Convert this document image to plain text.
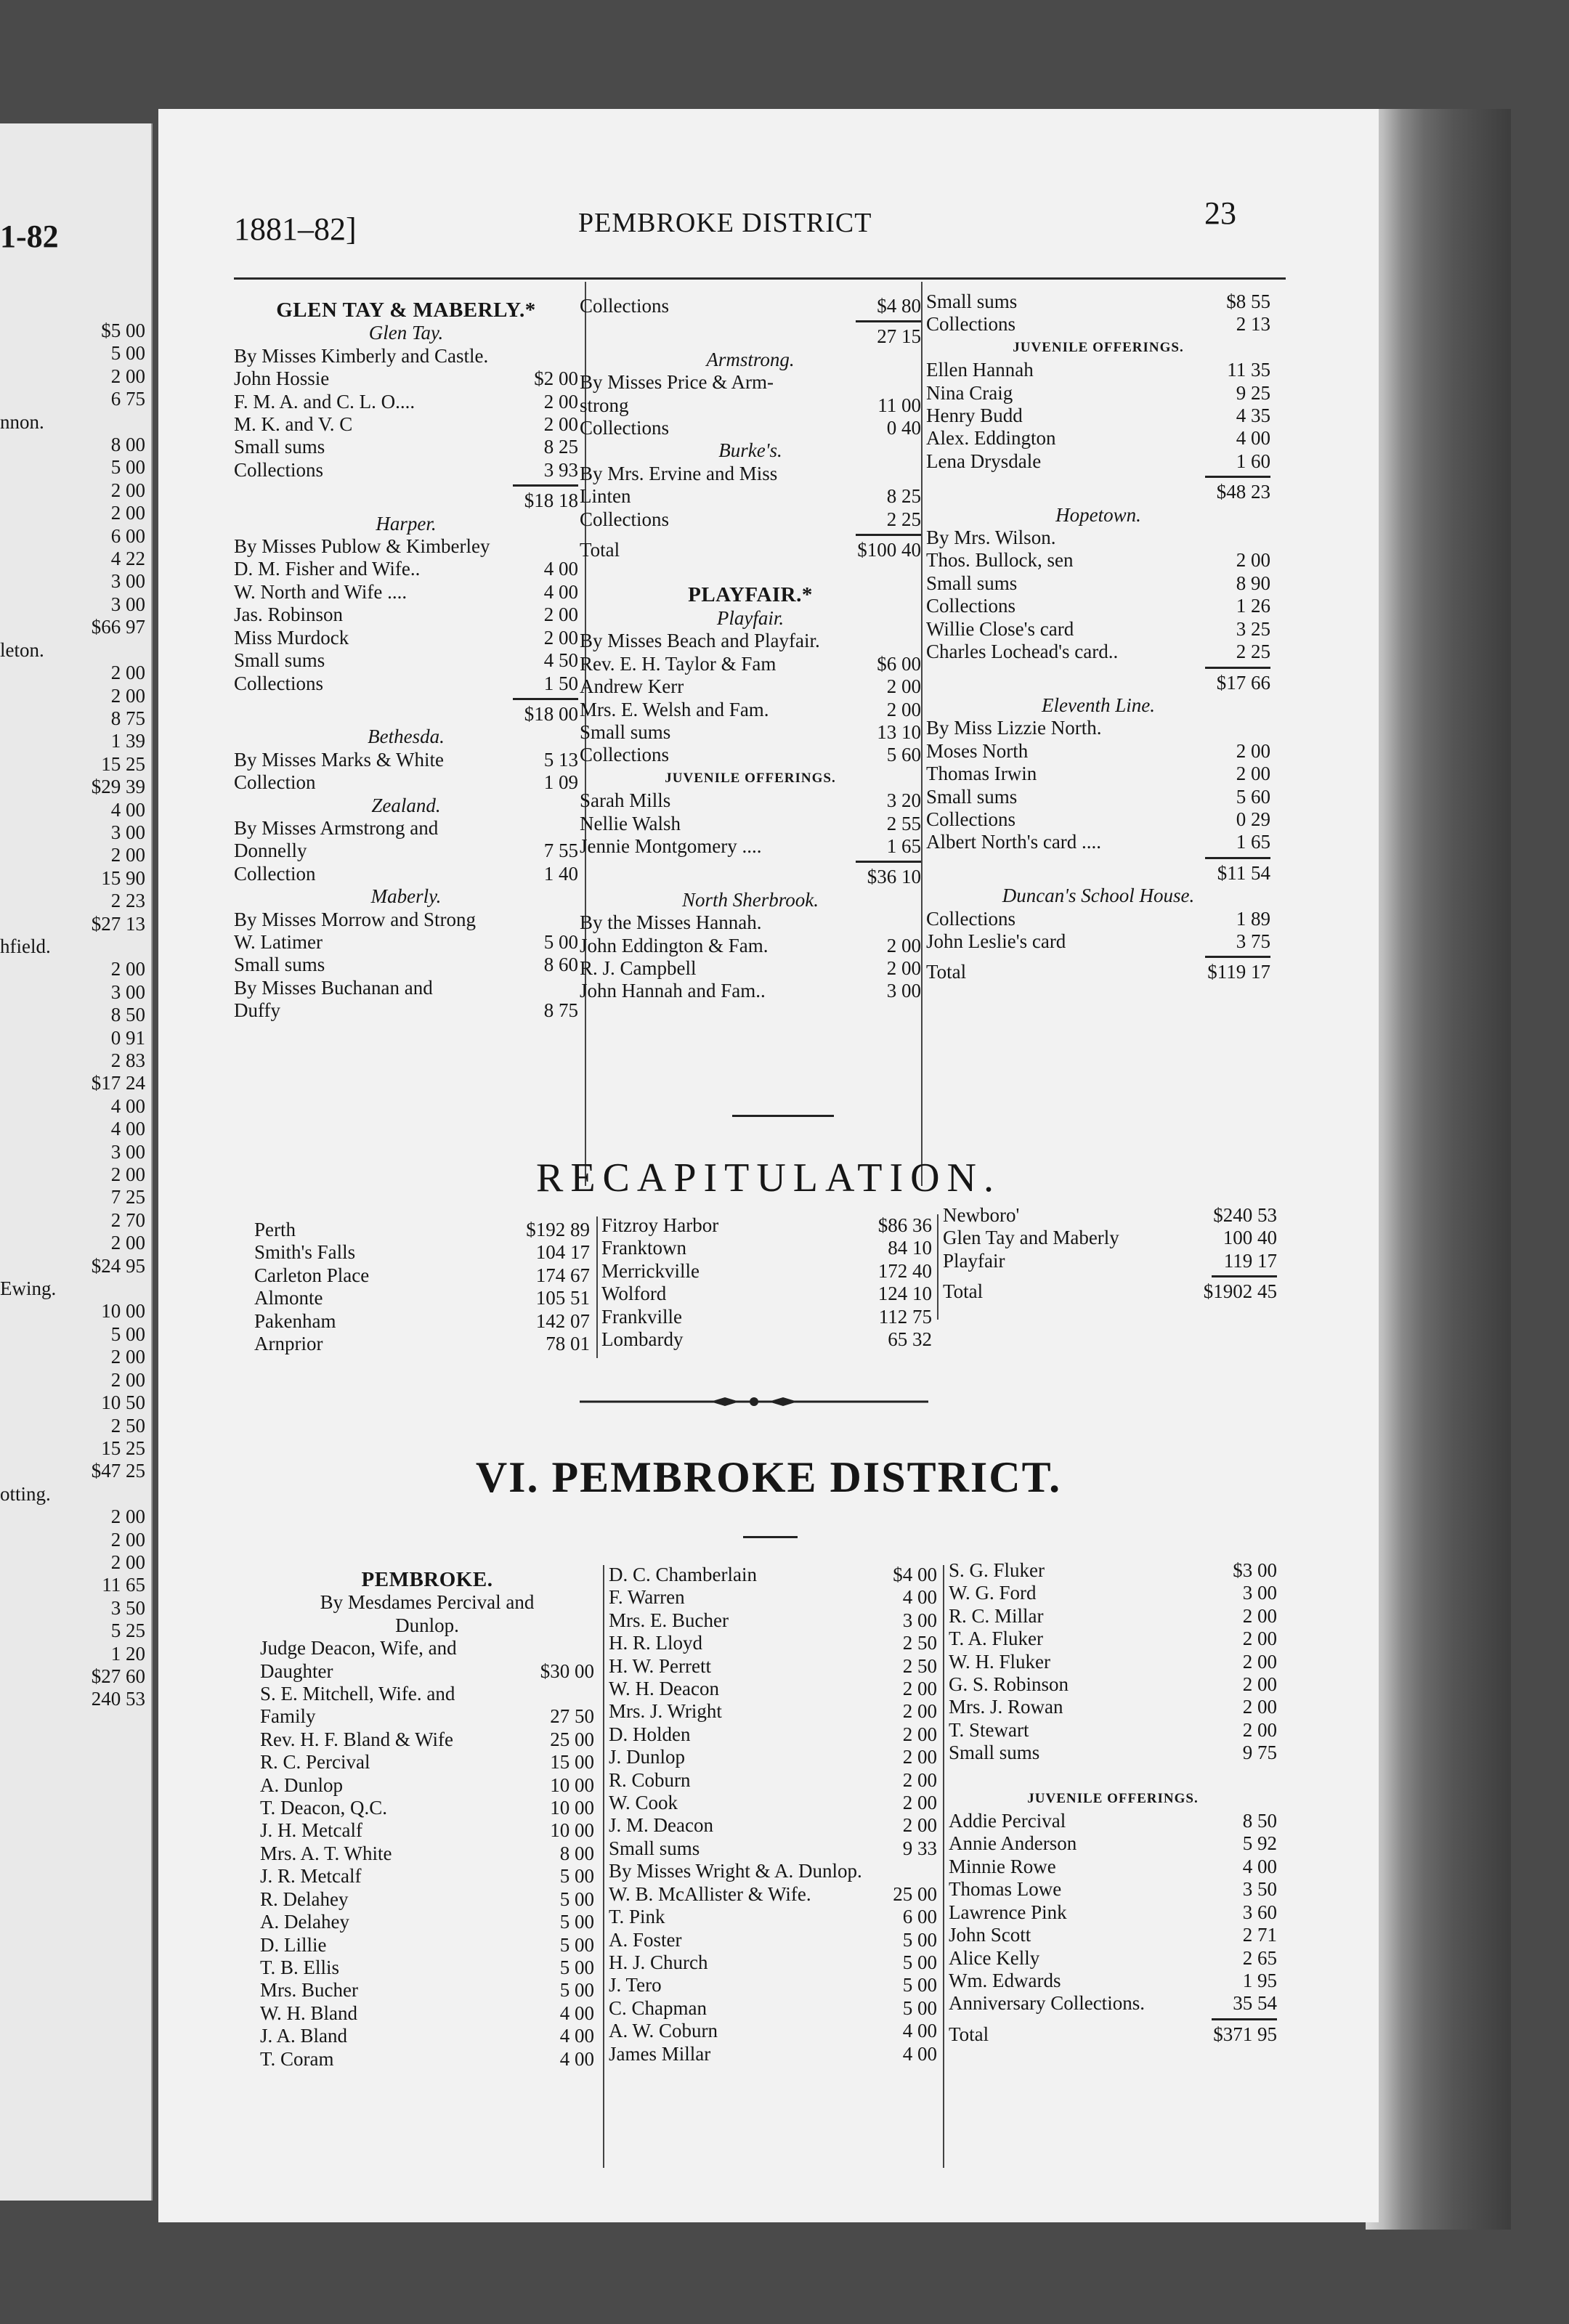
1-82
$5 00
5 00
2 00
6 75
nnon.
8 00
5 00
2 00
2 00
6 00
4 22
3 00
3 00
$66 97
leton.
2 00
2 00
8 75
1 39
15 25
$29 39
4 00
3 00
2 00
15 90
2 23
$27 13
hfield.
2 00
3 00
8 50
0 91
2 83
$17 24
4 00
4 00
3 00
2 00
7 25
2 70
2 00
$24 95
Ewing.
10 00
5 00
2 00
2 00
10 50
2 50
15 25
$47 25
otting.
2 00
2 00
2 00
11 65
3 50
5 25
1 20
$27 60
240 53
1881–82]	PEMBROKE DISTRICT	23
GLEN TAY & MABERLY.*
Glen Tay.
By Misses Kimberly and Castle.
John Hossie	$2 00
F. M. A. and C. L. O....	2 00
M. K. and V. C	2 00
Small sums	8 25
Collections	3 93
$18 18
Harper.
By Misses Publow & Kimberley
D. M. Fisher and Wife..	4 00
W. North and Wife ....	4 00
Jas. Robinson	2 00
Miss Murdock	2 00
Small sums	4 50
Collections	1 50
$18 00
Bethesda.
By Misses Marks & White	5 13
Collection	1 09
Zealand.
By Misses Armstrong and
Donnelly	7 55
Collection	1 40
Maberly.
By Misses Morrow and Strong
W. Latimer	5 00
Small sums	8 60
By Misses Buchanan and
Duffy	8 75
Collections	$4 80
27 15
Armstrong.
By Misses Price & Arm-
strong	11 00
Collections	0 40
Burke's.
By Mrs. Ervine and Miss
Linten	8 25
Collections	2 25
Total	$100 40
PLAYFAIR.*
Playfair.
By Misses Beach and Playfair.
Rev. E. H. Taylor & Fam	$6 00
Andrew Kerr	2 00
Mrs. E. Welsh and Fam.	2 00
Small sums	13 10
Collections	5 60
JUVENILE OFFERINGS.
Sarah Mills	3 20
Nellie Walsh	2 55
Jennie Montgomery ....	1 65
$36 10
North Sherbrook.
By the Misses Hannah.
John Eddington & Fam.	2 00
R. J. Campbell	2 00
John Hannah and Fam..	3 00
Small sums	$8 55
Collections	2 13
JUVENILE OFFERINGS.
Ellen Hannah	11 35
Nina Craig	9 25
Henry Budd	4 35
Alex. Eddington	4 00
Lena Drysdale	1 60
$48 23
Hopetown.
By Mrs. Wilson.
Thos. Bullock, sen	2 00
Small sums	8 90
Collections	1 26
Willie Close's card	3 25
Charles Lochead's card..	2 25
$17 66
Eleventh Line.
By Miss Lizzie North.
Moses North	2 00
Thomas Irwin	2 00
Small sums	5 60
Collections	0 29
Albert North's card ....	1 65
$11 54
Duncan's School House.
Collections	1 89
John Leslie's card	3 75
Total	$119 17
RECAPITULATION.
Perth	$192 89
Smith's Falls	104 17
Carleton Place	174 67
Almonte	105 51
Pakenham	142 07
Arnprior	78 01
Fitzroy Harbor	$86 36
Franktown	84 10
Merrickville	172 40
Wolford	124 10
Frankville	112 75
Lombardy	65 32
Newboro'	$240 53
Glen Tay and Maberly	100 40
Playfair	119 17
Total	$1902 45
VI. PEMBROKE DISTRICT.
PEMBROKE.
By Mesdames Percival and
Dunlop.
Judge Deacon, Wife, and
Daughter	$30 00
S. E. Mitchell, Wife. and
Family	27 50
Rev. H. F. Bland & Wife	25 00
R. C. Percival	15 00
A. Dunlop	10 00
T. Deacon, Q.C.	10 00
J. H. Metcalf	10 00
Mrs. A. T. White	8 00
J. R. Metcalf	5 00
R. Delahey	5 00
A. Delahey	5 00
D. Lillie	5 00
T. B. Ellis	5 00
Mrs. Bucher	5 00
W. H. Bland	4 00
J. A. Bland	4 00
T. Coram	4 00
D. C. Chamberlain	$4 00
F. Warren	4 00
Mrs. E. Bucher	3 00
H. R. Lloyd	2 50
H. W. Perrett	2 50
W. H. Deacon	2 00
Mrs. J. Wright	2 00
D. Holden	2 00
J. Dunlop	2 00
R. Coburn	2 00
W. Cook	2 00
J. M. Deacon	2 00
Small sums	9 33
By Misses Wright & A. Dunlop.
W. B. McAllister & Wife.	25 00
T. Pink	6 00
A. Foster	5 00
H. J. Church	5 00
J. Tero	5 00
C. Chapman	5 00
A. W. Coburn	4 00
James Millar	4 00
S. G. Fluker	$3 00
W. G. Ford	3 00
R. C. Millar	2 00
T. A. Fluker	2 00
W. H. Fluker	2 00
G. S. Robinson	2 00
Mrs. J. Rowan	2 00
T. Stewart	2 00
Small sums	9 75
JUVENILE OFFERINGS.
Addie Percival	8 50
Annie Anderson	5 92
Minnie Rowe	4 00
Thomas Lowe	3 50
Lawrence Pink	3 60
John Scott	2 71
Alice Kelly	2 65
Wm. Edwards	1 95
Anniversary Collections.	35 54
Total	$371 95
